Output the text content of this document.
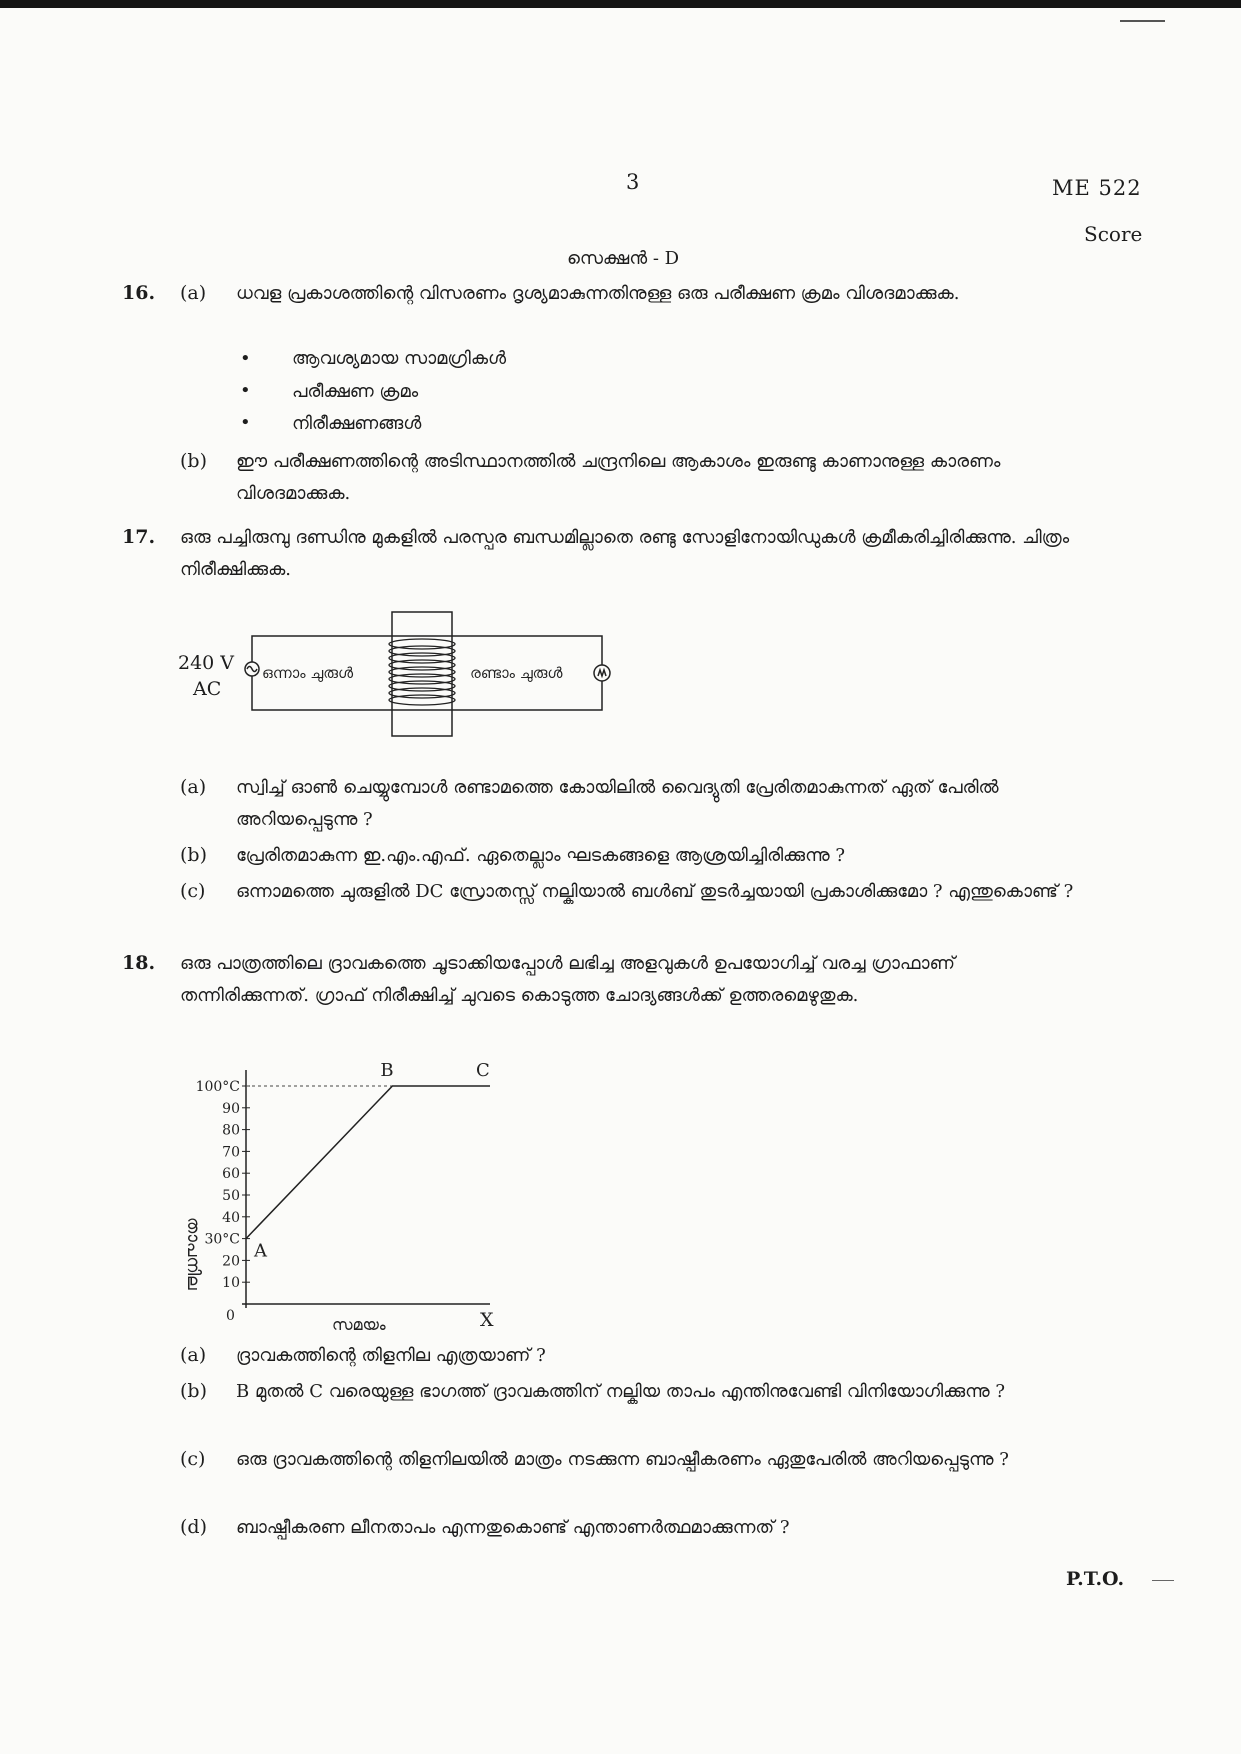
3	ME 522
Score
സെക്ഷൻ - D
16. (a) ധവള പ്രകാശത്തിന്റെ വിസരണം ദൃശ്യമാകുന്നതിനുള്ള ഒരു പരീക്ഷണ ക്രമം വിശദമാക്കുക.
• ആവശ്യമായ സാമഗ്രികൾ
• പരീക്ഷണ ക്രമം
• നിരീക്ഷണങ്ങൾ
(b) ഈ പരീക്ഷണത്തിന്റെ അടിസ്ഥാനത്തിൽ ചന്ദ്രനിലെ ആകാശം ഇരുണ്ടു കാണാനുള്ള കാരണം വിശദമാക്കുക.
17. ഒരു പച്ചിരുമ്പു ദണ്ഡിനു മുകളിൽ പരസ്പര ബന്ധമില്ലാതെ രണ്ടു സോളിനോയിഡുകൾ ക്രമീകരിച്ചിരിക്കുന്നു. ചിത്രം നിരീക്ഷിക്കുക.
ഒന്നാം ചുരുൾ	രണ്ടാം ചുരുൾ
240 V
AC
(a) സ്വിച്ച് ഓൺ ചെയ്യുമ്പോൾ രണ്ടാമത്തെ കോയിലിൽ വൈദ്യുതി പ്രേരിതമാകുന്നത് ഏത് പേരിൽ അറിയപ്പെടുന്നു ?
(b) പ്രേരിതമാകുന്ന ഇ.എം.എഫ്. ഏതെല്ലാം ഘടകങ്ങളെ ആശ്രയിച്ചിരിക്കുന്നു ?
(c) ഒന്നാമത്തെ ചുരുളിൽ DC സ്രോതസ്സ് നല്കിയാൽ ബൾബ് തുടർച്ചയായി പ്രകാശിക്കുമോ ? എന്തുകൊണ്ട് ?
18. ഒരു പാത്രത്തിലെ ദ്രാവകത്തെ ചൂടാക്കിയപ്പോൾ ലഭിച്ച അളവുകൾ ഉപയോഗിച്ച് വരച്ച ഗ്രാഫാണ് തന്നിരിക്കുന്നത്. ഗ്രാഫ് നിരീക്ഷിച്ച് ചുവടെ കൊടുത്ത ചോദ്യങ്ങൾക്ക് ഉത്തരമെഴുതുക.
10
20
30°C
40
50
60
70
80
90
100°C
A
B	C
0	X
സമയം
താപനില
(a) ദ്രാവകത്തിന്റെ തിളനില എത്രയാണ് ?
(b) B മുതൽ C വരെയുള്ള ഭാഗത്ത് ദ്രാവകത്തിന് നല്കിയ താപം എന്തിനുവേണ്ടി വിനിയോഗിക്കുന്നു ?
(c) ഒരു ദ്രാവകത്തിന്റെ തിളനിലയിൽ മാത്രം നടക്കുന്ന ബാഷ്പീകരണം ഏതുപേരിൽ അറിയപ്പെടുന്നു ?
(d) ബാഷ്പീകരണ ലീനതാപം എന്നതുകൊണ്ട് എന്താണർത്ഥമാക്കുന്നത് ?
P.T.O.
